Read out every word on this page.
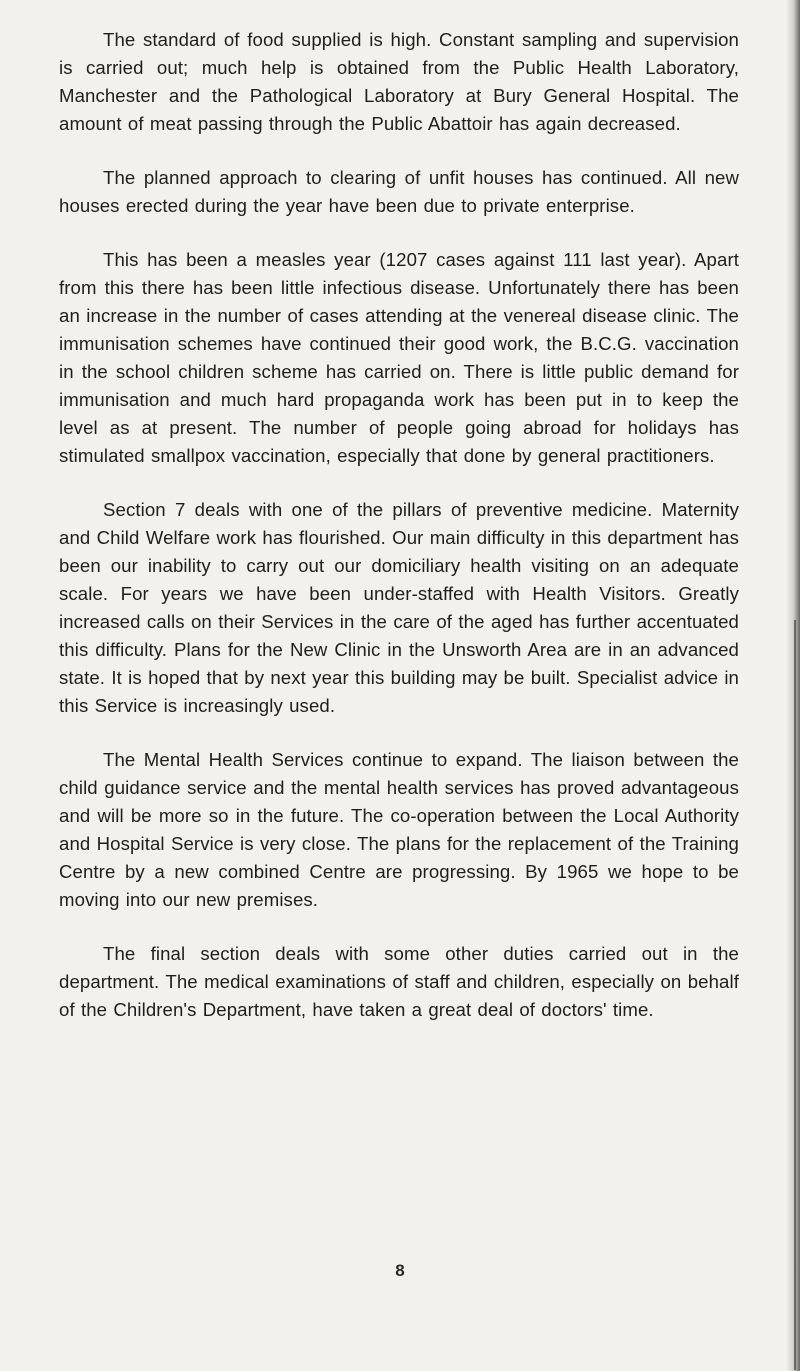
The standard of food supplied is high. Constant sampling and supervision is carried out; much help is obtained from the Public Health Laboratory, Manchester and the Pathological Laboratory at Bury General Hospital. The amount of meat passing through the Public Abattoir has again decreased.

The planned approach to clearing of unfit houses has continued. All new houses erected during the year have been due to private enterprise.

This has been a measles year (1207 cases against 111 last year). Apart from this there has been little infectious disease. Unfortunately there has been an increase in the number of cases attending at the venereal disease clinic. The immunisation schemes have continued their good work, the B.C.G. vaccination in the school children scheme has carried on. There is little public demand for immunisation and much hard propaganda work has been put in to keep the level as at present. The number of people going abroad for holidays has stimulated smallpox vaccination, especially that done by general practitioners.

Section 7 deals with one of the pillars of preventive medicine. Maternity and Child Welfare work has flourished. Our main difficulty in this department has been our inability to carry out our domiciliary health visiting on an adequate scale. For years we have been under-staffed with Health Visitors. Greatly increased calls on their Services in the care of the aged has further accentuated this difficulty. Plans for the New Clinic in the Unsworth Area are in an advanced state. It is hoped that by next year this building may be built. Specialist advice in this Service is increasingly used.

The Mental Health Services continue to expand. The liaison between the child guidance service and the mental health services has proved advantageous and will be more so in the future. The co-operation between the Local Authority and Hospital Service is very close. The plans for the replacement of the Training Centre by a new combined Centre are progressing. By 1965 we hope to be moving into our new premises.

The final section deals with some other duties carried out in the department. The medical examinations of staff and children, especially on behalf of the Children's Department, have taken a great deal of doctors' time.

8
